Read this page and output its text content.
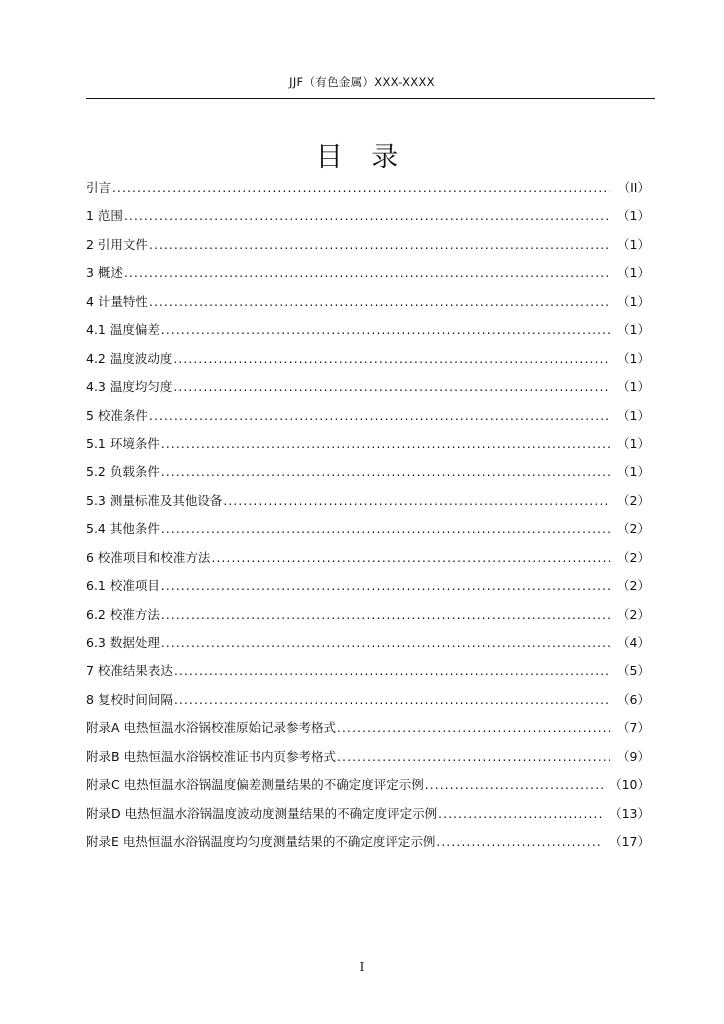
JJF（有色金属）XXX-XXXX
目 录
引言 .....	（II）
1 范围 .....	（1）
2 引用文件 .....	（1）
3 概述 .....	（1）
4 计量特性 .....	（1）
4.1 温度偏差 .....	（1）
4.2 温度波动度 .....	（1）
4.3 温度均匀度 .....	（1）
5 校准条件 .....	（1）
5.1 环境条件 .....	（1）
5.2 负载条件 .....	（1）
5.3 测量标准及其他设备 .....	（2）
5.4 其他条件 .....	（2）
6 校准项目和校准方法 .....	（2）
6.1 校准项目 .....	（2）
6.2 校准方法 .....	（2）
6.3 数据处理 .....	（4）
7 校准结果表达 .....	（5）
8 复校时间间隔 .....	（6）
附录A 电热恒温水浴锅校准原始记录参考格式 .....	（7）
附录B 电热恒温水浴锅校准证书内页参考格式 .....	（9）
附录C 电热恒温水浴锅温度偏差测量结果的不确定度评定示例 .....	（10）
附录D 电热恒温水浴锅温度波动度测量结果的不确定度评定示例 .....	（13）
附录E 电热恒温水浴锅温度均匀度测量结果的不确定度评定示例 .....	（17）
I
